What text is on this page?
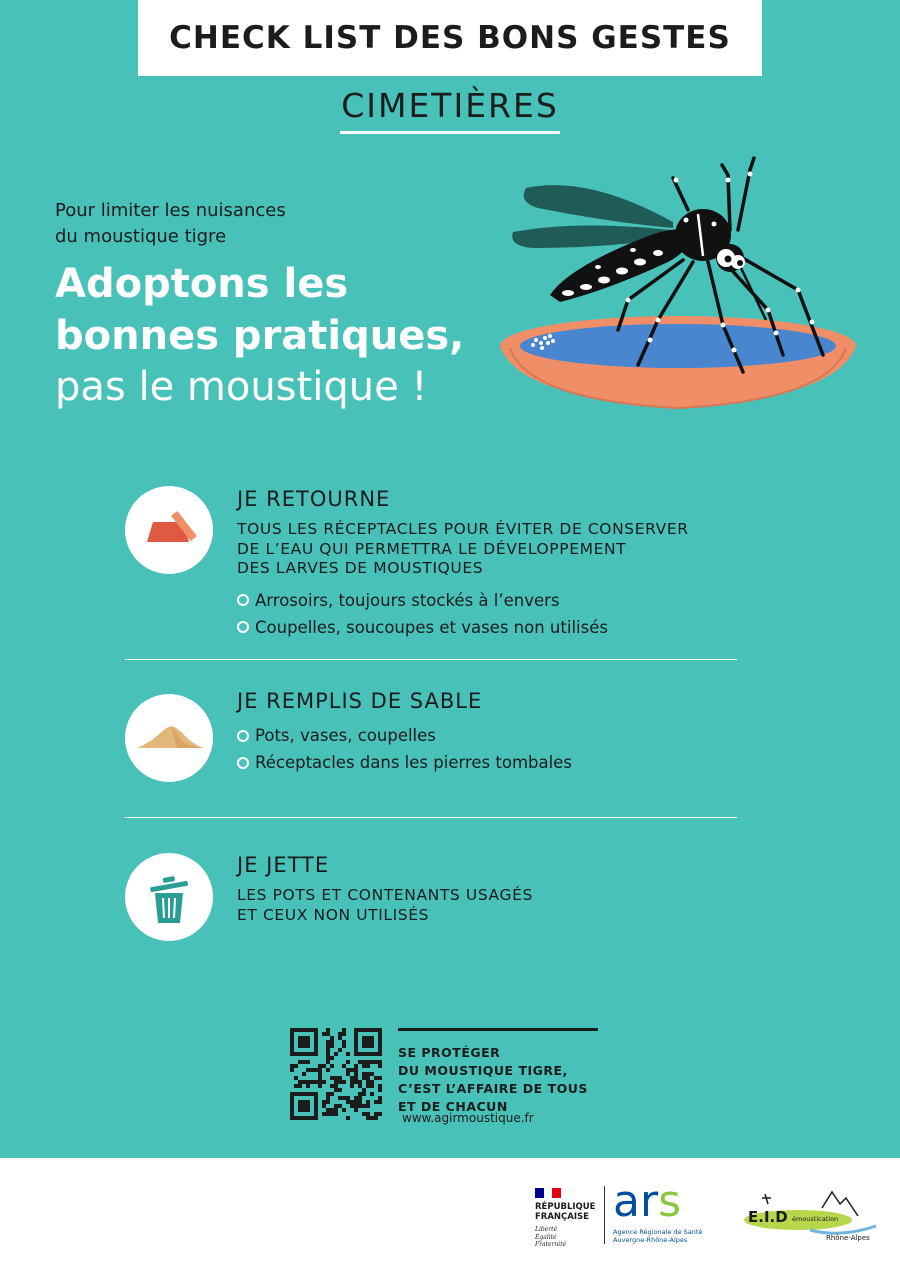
CHECK LIST DES BONS GESTES
CIMETIÈRES
Pour limiter les nuisances
du moustique tigre
Adoptons les
bonnes pratiques,
pas le moustique !
JE RETOURNE
TOUS LES RÉCEPTACLES POUR ÉVITER DE CONSERVER
DE L’EAU QUI PERMETTRA LE DÉVELOPPEMENT
DES LARVES DE MOUSTIQUES
Arrosoirs, toujours stockés à l’envers
Coupelles, soucoupes et vases non utilisés
JE REMPLIS DE SABLE
Pots, vases, coupelles
Réceptacles dans les pierres tombales
JE JETTE
LES POTS ET CONTENANTS USAGÉS
ET CEUX NON UTILISÉS
SE PROTÉGER
DU MOUSTIQUE TIGRE,
C’EST L’AFFAIRE DE TOUS
ET DE CHACUN
www.agirmoustique.fr
RÉPUBLIQUE
FRANÇAISE
Liberté
Égalité
Fraternité
ars
Agence Régionale de Santé
Auvergne-Rhône-Alpes
E.I.D émoustication
Rhône-Alpes
